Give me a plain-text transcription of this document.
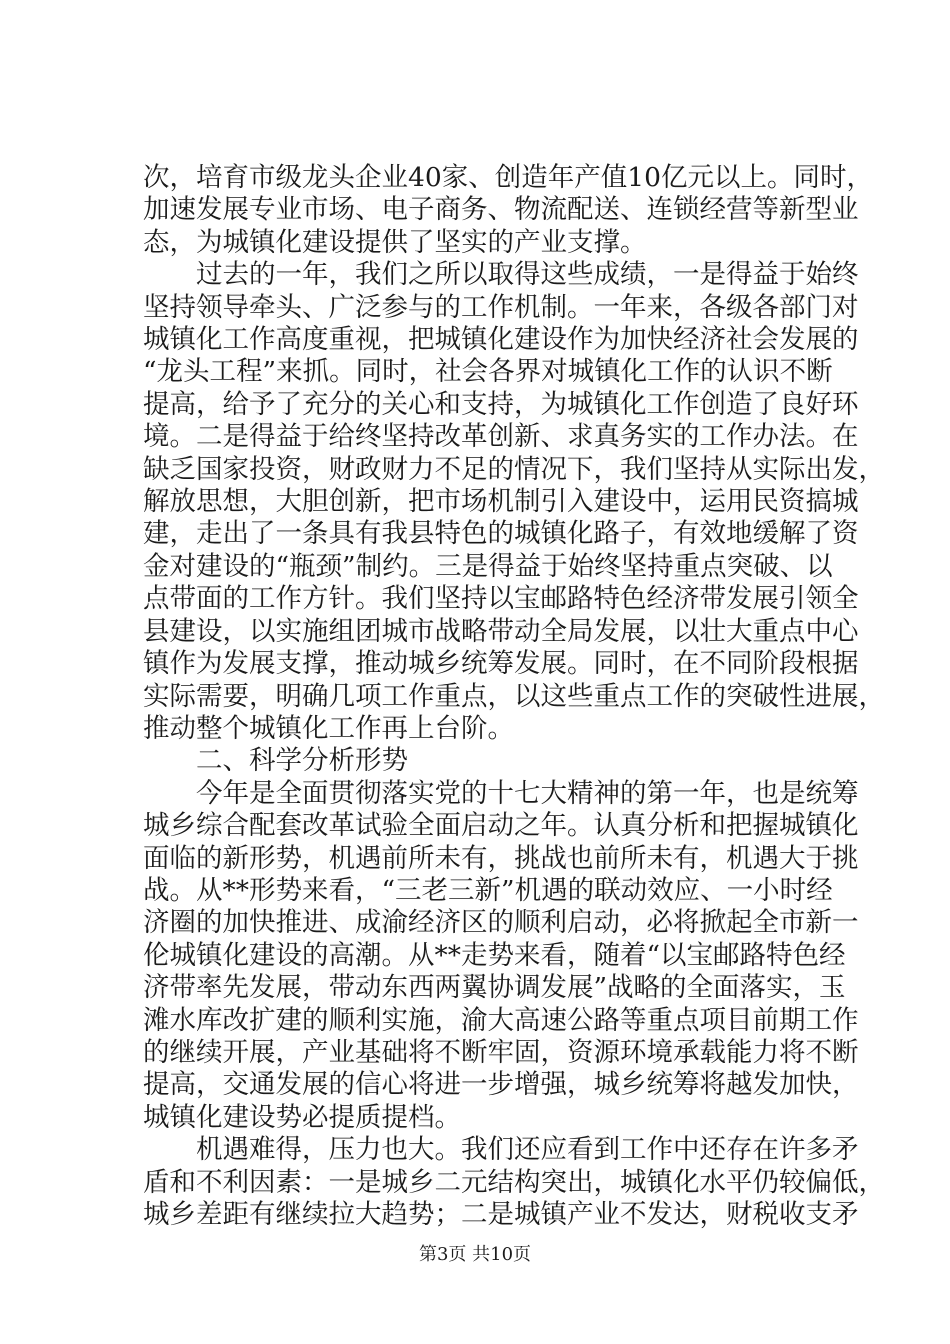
次，培育市级龙头企业40家、创造年产值10亿元以上。同时，

加速发展专业市场、电子商务、物流配送、连锁经营等新型业

态，为城镇化建设提供了坚实的产业支撑。

　　过去的一年，我们之所以取得这些成绩，一是得益于始终

坚持领导牵头、广泛参与的工作机制。一年来，各级各部门对

城镇化工作高度重视，把城镇化建设作为加快经济社会发展的

“龙头工程”来抓。同时，社会各界对城镇化工作的认识不断

提高，给予了充分的关心和支持，为城镇化工作创造了良好环

境。二是得益于给终坚持改革创新、求真务实的工作办法。在

缺乏国家投资，财政财力不足的情况下，我们坚持从实际出发，

解放思想，大胆创新，把市场机制引入建设中，运用民资搞城

建，走出了一条具有我县特色的城镇化路子，有效地缓解了资

金对建设的“瓶颈”制约。三是得益于始终坚持重点突破、以

点带面的工作方针。我们坚持以宝邮路特色经济带发展引领全

县建设，以实施组团城市战略带动全局发展，以壮大重点中心

镇作为发展支撑，推动城乡统筹发展。同时，在不同阶段根据

实际需要，明确几项工作重点，以这些重点工作的突破性进展，

推动整个城镇化工作再上台阶。

　　二、科学分析形势

　　今年是全面贯彻落实党的十七大精神的第一年，也是统筹

城乡综合配套改革试验全面启动之年。认真分析和把握城镇化

面临的新形势，机遇前所未有，挑战也前所未有，机遇大于挑

战。从**形势来看，“三老三新”机遇的联动效应、一小时经

济圈的加快推进、成渝经济区的顺利启动，必将掀起全市新一

伦城镇化建设的高潮。从**走势来看，随着“以宝邮路特色经

济带率先发展，带动东西两翼协调发展”战略的全面落实，玉

滩水库改扩建的顺利实施，渝大高速公路等重点项目前期工作

的继续开展，产业基础将不断牢固，资源环境承载能力将不断

提高，交通发展的信心将进一步增强，城乡统筹将越发加快，

城镇化建设势必提质提档。

　　机遇难得，压力也大。我们还应看到工作中还存在许多矛

盾和不利因素：一是城乡二元结构突出，城镇化水平仍较偏低，

城乡差距有继续拉大趋势；二是城镇产业不发达，财税收支矛

第3页 共10页
